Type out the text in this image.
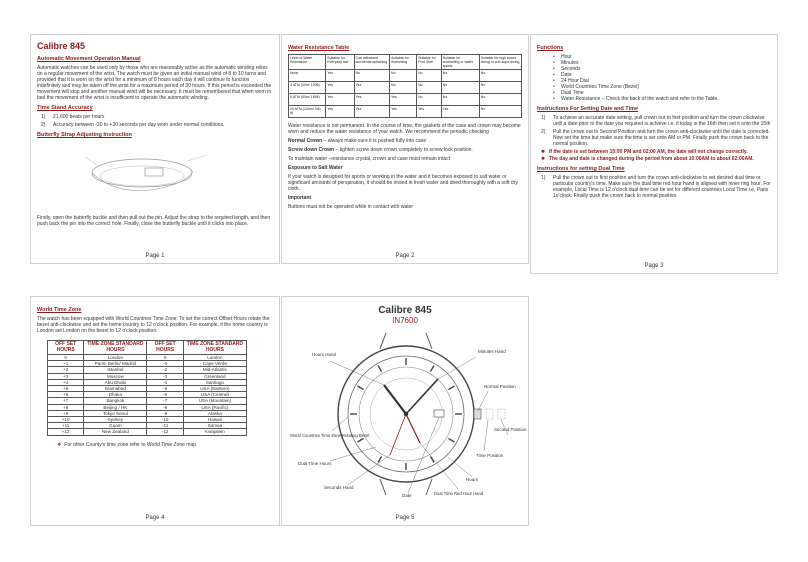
Calibre 845
Automatic Movement Operation Manual
Automatic watches can be used only by those who are reasonably active as the automatic winding relies on a regular movement of the wrist. The watch must be given an initial manual wind of 8 to 10 turns and provided that it is worn on the wrist for a minimum of 8 hours each day it will continue to function indefinitely and may be taken off the wrist for a maximum period of 30 hours. If this period is exceeded the movement will stop and another manual wind will be necessary. It must be remembered that when worn in bed the movement of the wrist is insufficient to operate the automatic winding.
Time Stand Accuracy
1)	21,600 beats per hours
2)	Accuracy between -30 to +30 seconds per day worn under normal conditions.
Butterfly Strap Adjusting Instruction
Firstly, open the butterfly buckle and then pull out the pin. Adjust the strap to the required length, and then push back the pin into the correct hole. Finally, close the butterfly buckle until it clicks into place.
Page 1
Water Resistance Table
Level of Water Resistance	Suitable for Everyday use	Can withstand accidental splashing	Suitable for Swimming	Suitable for Pool Size	Suitable for snorkelling or water sports	Suitable for high board diving or sub aqua diving
None	Yes	No	No	No	No	No
3 ATM (30m/ 100ft)	Yes	Yes	No	No	No	No
5 ATM (50m/ 165ft)	Yes	Yes	Yes	No	No	No
10 ATM (100m/ 330 ft)	Yes	Yes	Yes	Yes	Yes	No
Water resistance is not permanent. In the course of time, the gaskets of the case and crown may become worn and reduce the water resistance of your watch. We recommend the periodic checking
Normal Crown – always make sure it is pushed fully into case
Screw down Crown – tighten screw down crown completely to screw lock position.
To maintain water –resistance crystal, crown and case must remain intact
Exposure to Salt Water
If your watch is designed for sports or working in the water and it becomes exposed to salt water or significant amounts of perspiration, it should be rinsed in fresh water and dried thoroughly with a soft dry cloth.
Important
Buttons must not be operated while in contact with water
Page 2
Functions
•	Hour
•	Minutes
•	Seconds
•	Date
•	24 Hour Dial
•	World Countries Time Zone (Bezel)
•	Dual Time
•	Water Resistance – Check the back of the watch and refer to the Table.
Instructions For Setting Date and Time
1)	To achieve an accurate date setting, pull crown out to first position and turn the crown clockwise until a date prior to the date you required is achieve i.e. if today is the 16th then set it onto the 15th
2)	Pull the crown out to Second Position and turn the crown anti-clockwise until the date is corrected. Now set the time but make sure the time is set onto AM or PM. Finally push the crown back to the normal position.
❖ If the date is set between 10:00 PM and 02:00 AM, the date will not change correctly.
❖ The day and date is changed during the period from about 10:00AM to about 02:00AM.
Instructions for setting Dual Time
1)	Pull the crown out to first position and turn the crown anti-clockwise to set desired dual time or particular country's time. Make sure the dual time red hour hand is aligned with inner ring hour. For example, Local Time is 12 o'clock dual time can be set for different countries Local Time i.e. Paris 1o'clock. Finally push the crown back to normal position.
Page 3
World Time Zone
The watch has been equipped with World Countries Time Zone. To set the correct Offset Hours rotate the bezel anti-clockwise and set the home country to 12 o'clock position. For example, if the home country is London set London on the bezel to 12 o'clock position.
OFF SET HOURS	TIME ZONE STANDARD HOURS	OFF SET HOURS	TIME ZONE STANDARD HOURS
0	London	0	London
+1	Paris/ Berlin/ Madrid	-1	Cape Verde
+2	Istanbul	-2	Mid-Atlantic
+3	Moscow	-3	Greenland
+4	Abu Dhabi	-4	Santiago
+5	Islamabad	-5	USA (Eastern)
+6	Dhaka	-6	USA (Central)
+7	Bangkok	-7	USA (Mountain)
+8	Beijing / HK	-8	USA (Pacific)
+9	Tokyo Seoul	-9	Alaska
+10	Sydney	-10	Hawaii
+11	Guam	-11	Samoa
+12	New Zealand	-12	Kwajalein
❖ For other County's time zone refer to World Time Zone map.
Page 4
Calibre 845
IN7600
Hours Hand
Minutes Hand
Normal Position
World Countries Time Zone Rotating Bezel
Dual Time Hours
Seconds Hand
Date	Dual Time Red Hour Hand
Time Position
Second Position
Hours
Page 5
